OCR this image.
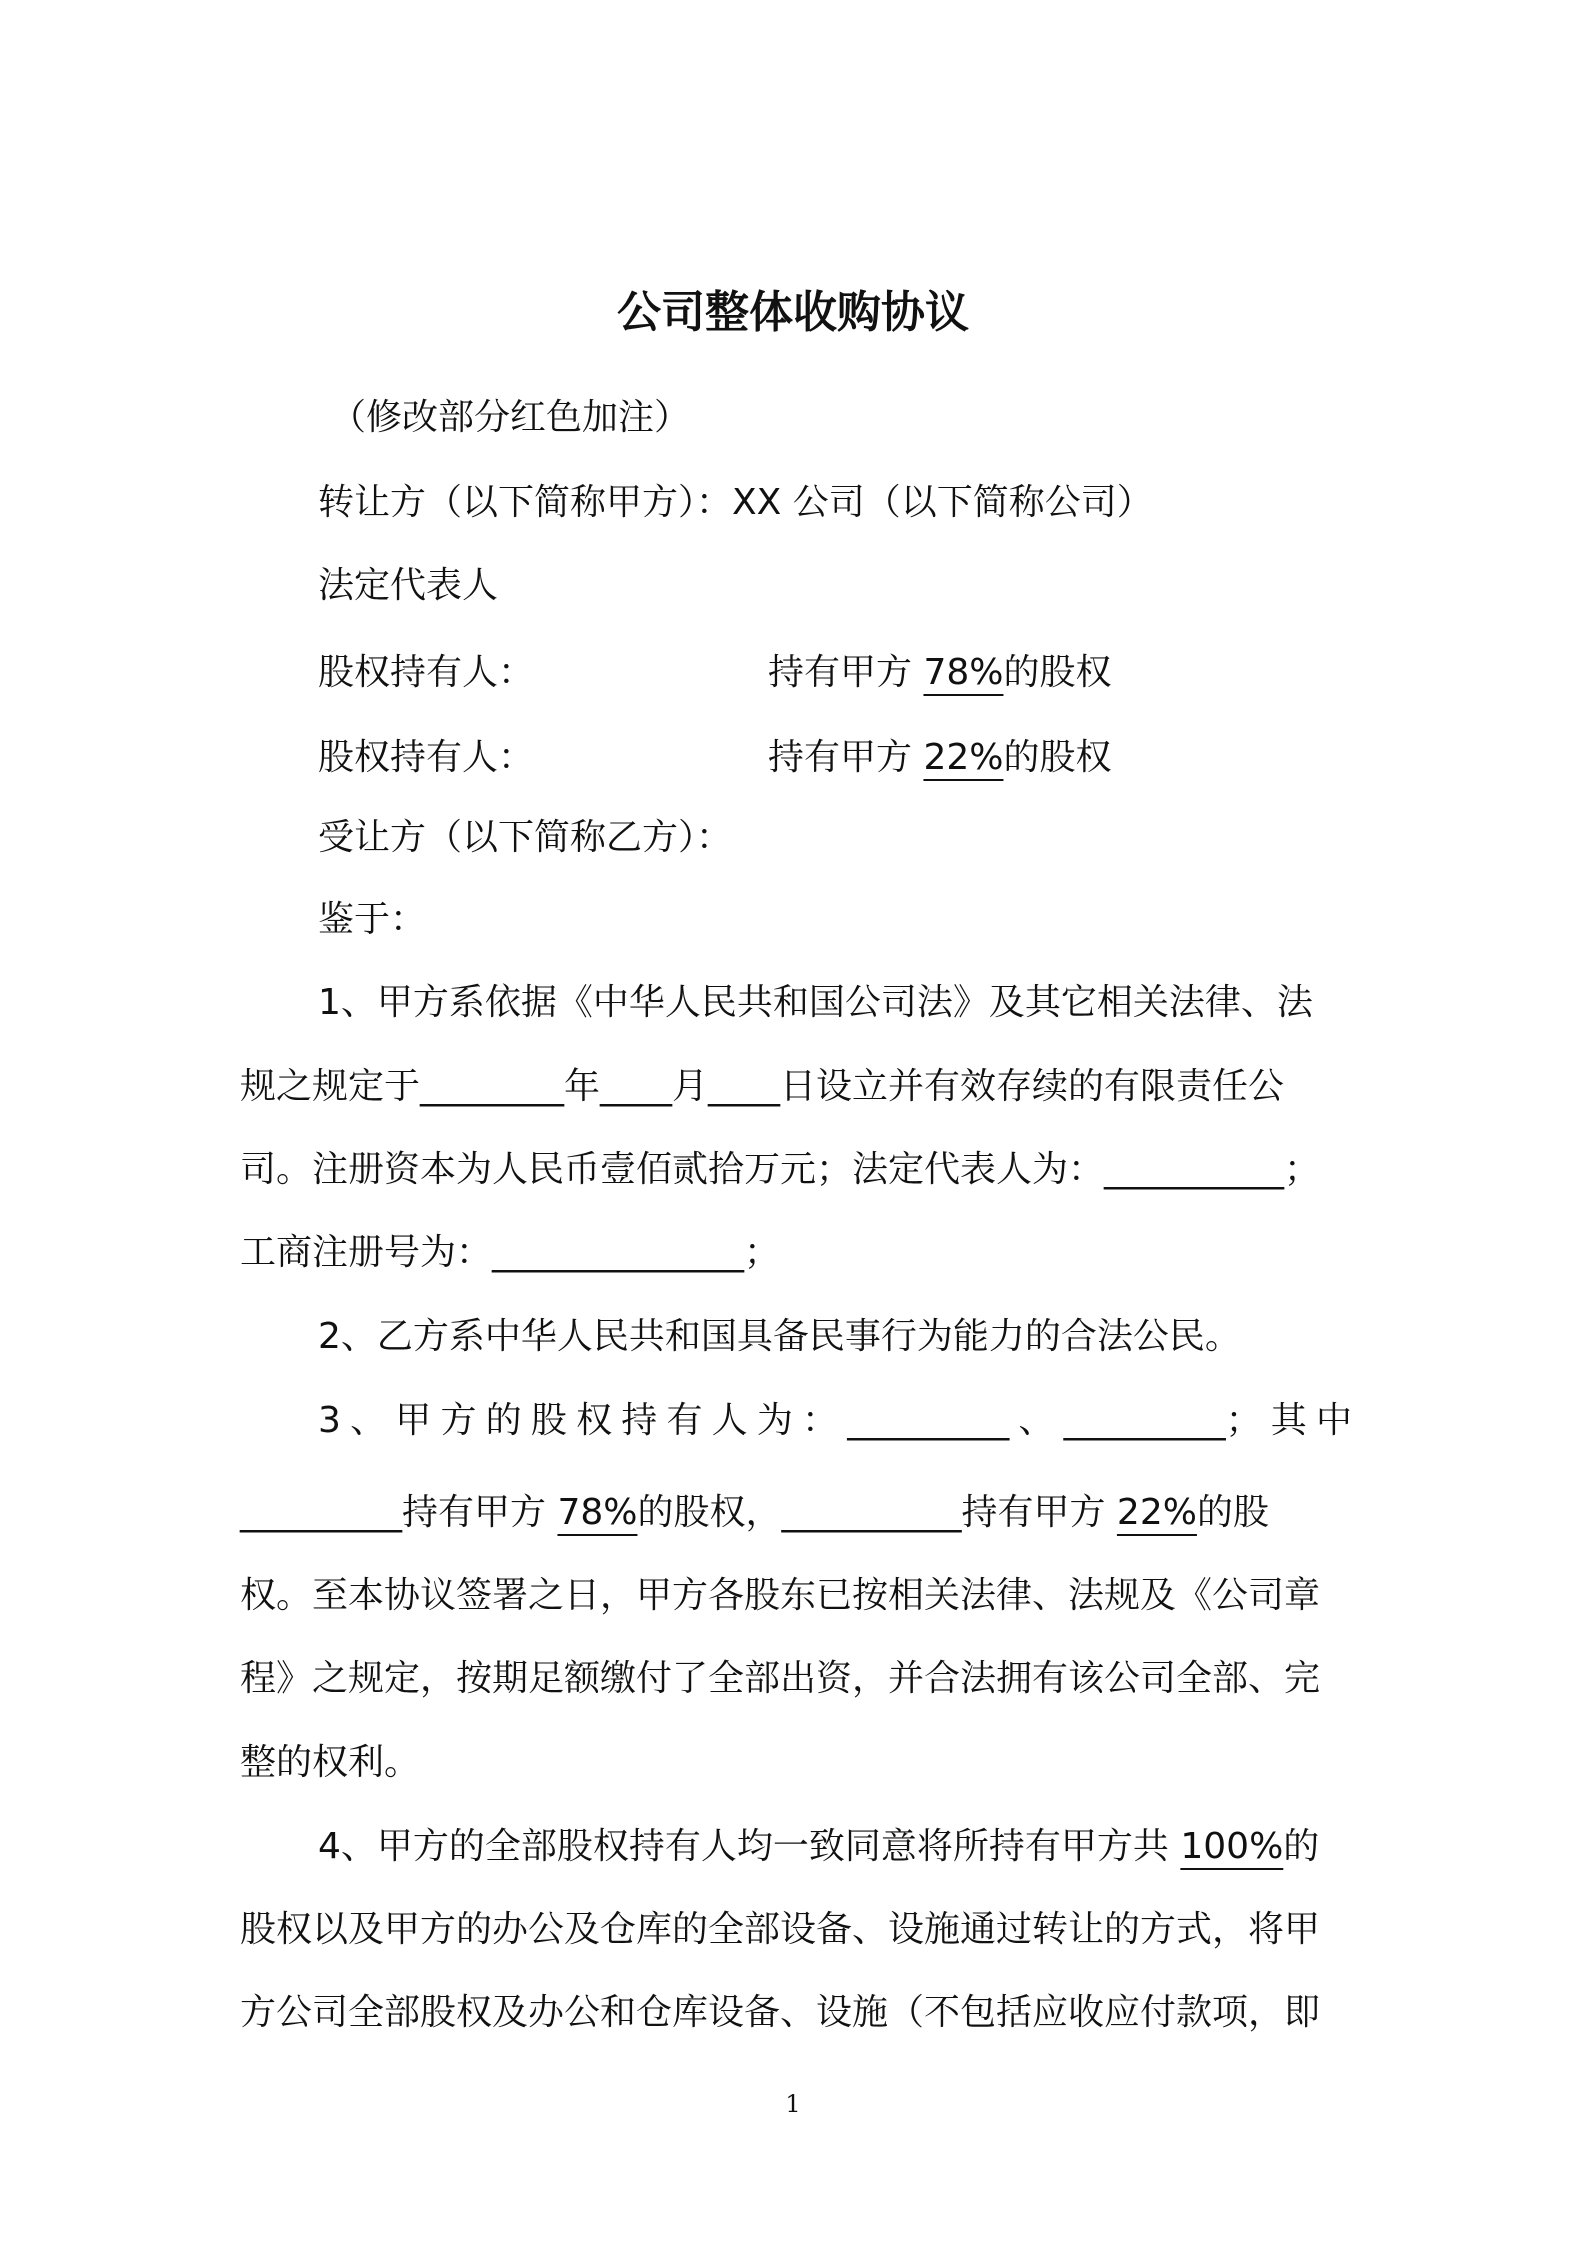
公司整体收购协议

（修改部分红色加注）

转让方（以下简称甲方）：XX 公司（以下简称公司）

法定代表人

股权持有人：	持有甲方 78%的股权

股权持有人：	持有甲方 22%的股权

受让方（以下简称乙方）：

鉴于：

1、甲方系依据《中华人民共和国公司法》及其它相关法律、法

规之规定于________年____月____日设立并有效存续的有限责任公

司。注册资本为人民币壹佰贰拾万元；法定代表人为：__________；

工商注册号为：______________；

2、乙方系中华人民共和国具备民事行为能力的合法公民。

3、甲方的股权持有人为：_________、_________；其中

_________持有甲方 78%的股权，__________持有甲方 22%的股

权。至本协议签署之日，甲方各股东已按相关法律、法规及《公司章

程》之规定，按期足额缴付了全部出资，并合法拥有该公司全部、完

整的权利。

4、甲方的全部股权持有人均一致同意将所持有甲方共 100%的

股权以及甲方的办公及仓库的全部设备、设施通过转让的方式，将甲

方公司全部股权及办公和仓库设备、设施（不包括应收应付款项，即

1
